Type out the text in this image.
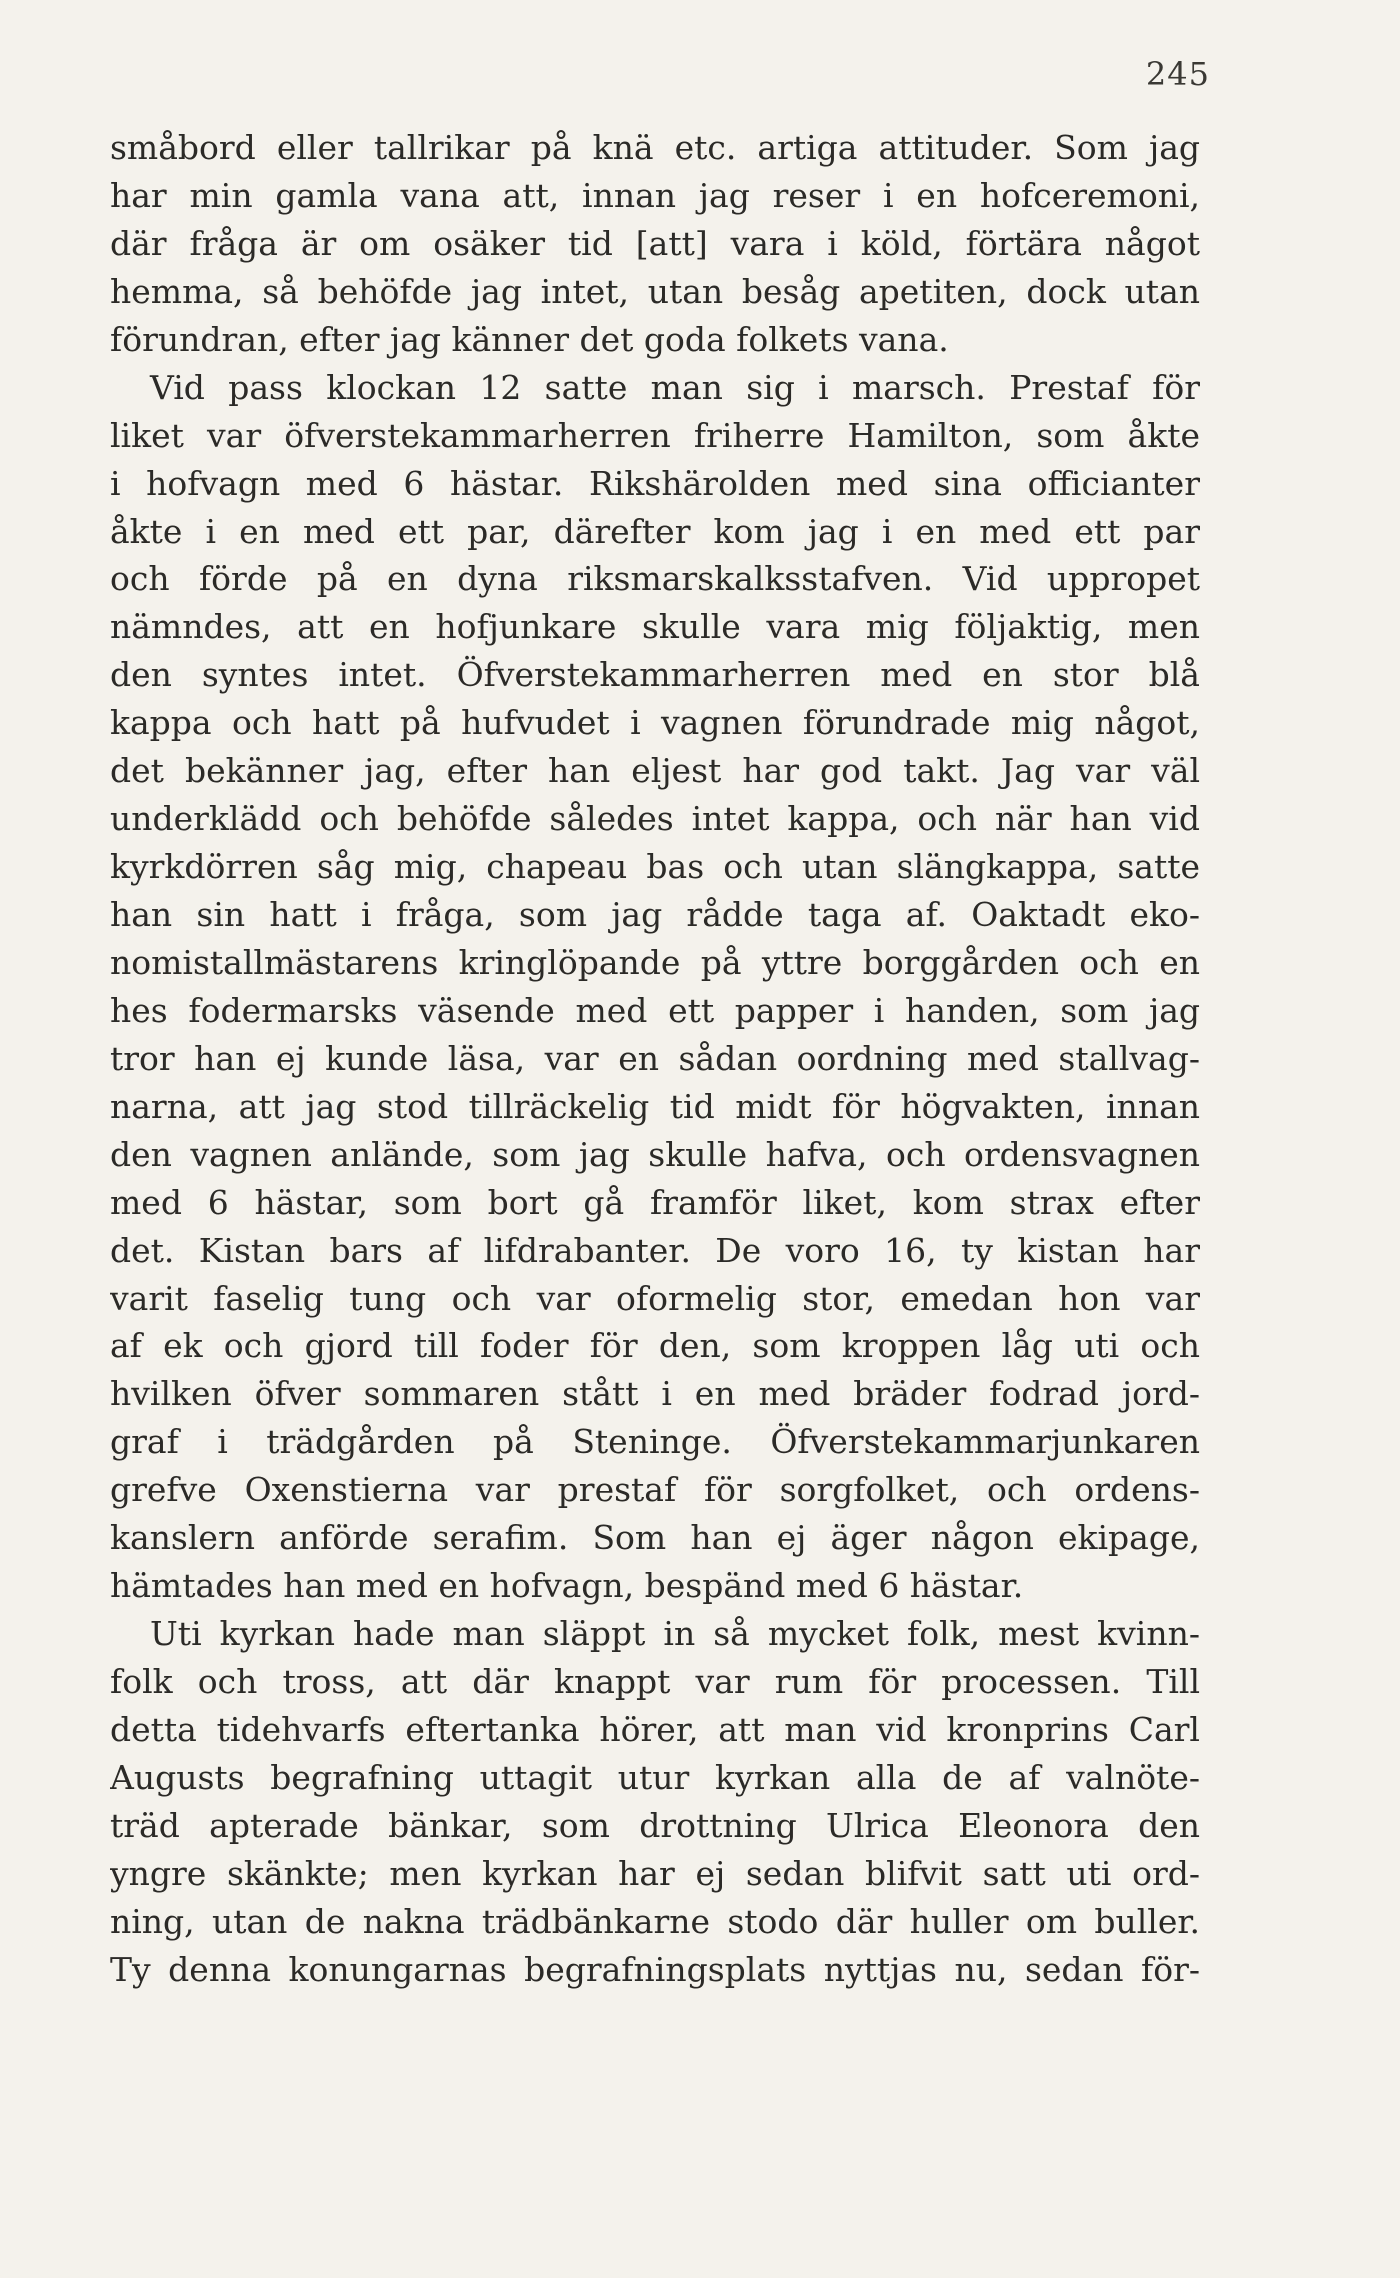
245
småbord eller tallrikar på knä etc. artiga attituder. Som jag
har min gamla vana att, innan jag reser i en hofceremoni,
där fråga är om osäker tid [att] vara i köld, förtära något
hemma, så behöfde jag intet, utan besåg apetiten, dock utan
förundran, efter jag känner det goda folkets vana.
Vid pass klockan 12 satte man sig i marsch. Prestaf för
liket var öfverstekammarherren friherre Hamilton, som åkte
i hofvagn med 6 hästar. Rikshärolden med sina officianter
åkte i en med ett par, därefter kom jag i en med ett par
och förde på en dyna riksmarskalksstafven. Vid uppropet
nämndes, att en hofjunkare skulle vara mig följaktig, men
den syntes intet. Öfverstekammarherren med en stor blå
kappa och hatt på hufvudet i vagnen förundrade mig något,
det bekänner jag, efter han eljest har god takt. Jag var väl
underklädd och behöfde således intet kappa, och när han vid
kyrkdörren såg mig, chapeau bas och utan slängkappa, satte
han sin hatt i fråga, som jag rådde taga af. Oaktadt eko-
nomistallmästarens kringlöpande på yttre borggården och en
hes fodermarsks väsende med ett papper i handen, som jag
tror han ej kunde läsa, var en sådan oordning med stallvag-
narna, att jag stod tillräckelig tid midt för högvakten, innan
den vagnen anlände, som jag skulle hafva, och ordensvagnen
med 6 hästar, som bort gå framför liket, kom strax efter
det. Kistan bars af lifdrabanter. De voro 16, ty kistan har
varit faselig tung och var oformelig stor, emedan hon var
af ek och gjord till foder för den, som kroppen låg uti och
hvilken öfver sommaren stått i en med bräder fodrad jord-
graf i trädgården på Steninge. Öfverstekammarjunkaren
grefve Oxenstierna var prestaf för sorgfolket, och ordens-
kanslern anförde serafim. Som han ej äger någon ekipage,
hämtades han med en hofvagn, bespänd med 6 hästar.
Uti kyrkan hade man släppt in så mycket folk, mest kvinn-
folk och tross, att där knappt var rum för processen. Till
detta tidehvarfs eftertanka hörer, att man vid kronprins Carl
Augusts begrafning uttagit utur kyrkan alla de af valnöte-
träd apterade bänkar, som drottning Ulrica Eleonora den
yngre skänkte; men kyrkan har ej sedan blifvit satt uti ord-
ning, utan de nakna trädbänkarne stodo där huller om buller.
Ty denna konungarnas begrafningsplats nyttjas nu, sedan för-
